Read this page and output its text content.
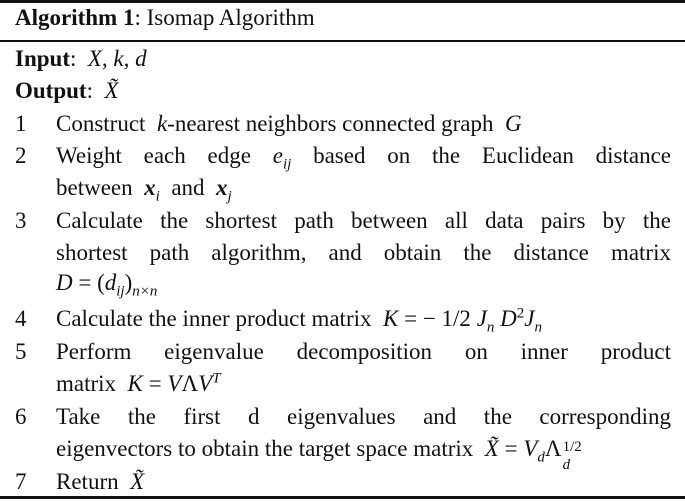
Algorithm 1: Isomap Algorithm
Input:  X, k, d
Output:  X̃
1 Construct  k-nearest neighbors connected graph  G
2 Weight each edge $e_{ij}$ based on the Euclidean distance
between  $x_i$  and  $x_j$
3 Calculate the shortest path between all data pairs by the
shortest path algorithm, and obtain the distance matrix
$D = (d_{ij})_{n\times n}$
4 Calculate the inner product matrix  K = − 1/2 $J_n$ $D^2J_n$
5 Perform eigenvalue decomposition on inner product
matrix  $K = V\Lambda V^T$
6 Take the first d eigenvalues and the corresponding
eigenvectors to obtain the target space matrix  X̃ = $V_d\Lambda$ 1/2
d
7 Return  X̃
